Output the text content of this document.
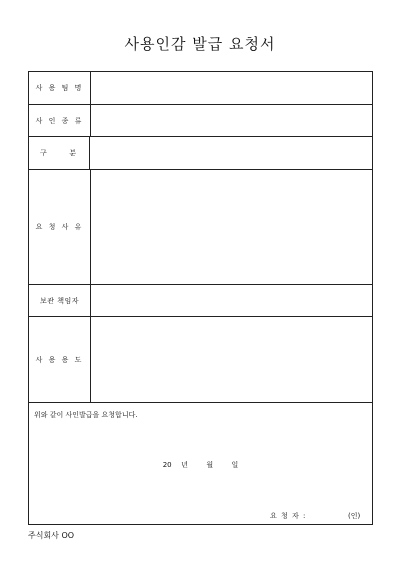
사용인감 발급 요청서
사 용 팀 명
사 인 종 류
구	분
요 청 사 유
보관 책임자
사 용 용 도
위와 같이 사인발급을 요청합니다.
20 년	월	일
요 청 자 :	(인)
주식회사 OO
